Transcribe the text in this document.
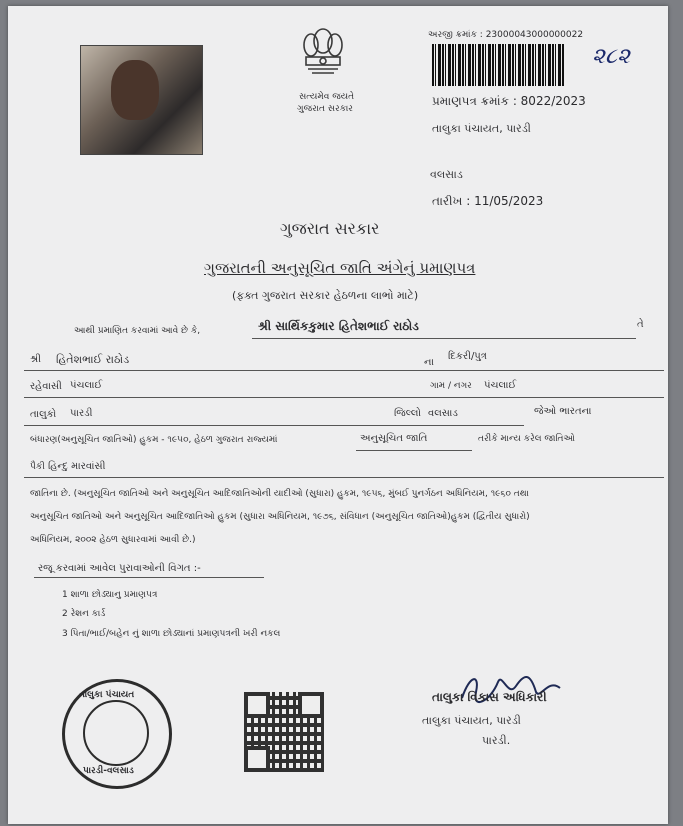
સત્યમેવ જયતે
ગુજરાત સરકાર
અરજી ક્રમાંક : 23000043000000022
૨૮૨
પ્રમાણપત્ર ક્રમાંક : 8022/2023
તાલુકા પંચાયત, પારડી
વલસાડ
તારીખ : 11/05/2023
ગુજરાત સરકાર
ગુજરાતની અનુસૂચિત જાતિ અંગેનું પ્રમાણપત્ર
(ફક્ત ગુજરાત સરકાર હેઠળના લાભો માટે)
આથી પ્રમાણિત કરવામાં આવે છે કે,	શ્રી સાર્થિકકુમાર હિતેશભાઈ રાઠોડ	તે
શ્રી હિતેશભાઈ રાઠોડ	ના
દિકરી/પુત્ર
રહેવાસી પંચલાઈ	ગામ / નગર પંચલાઈ
તાલુકો પારડી	જિલ્લો વલસાડ	જેઓ ભારતના
બંધારણ(અનુસૂચિત જાતિઓ) હુકમ - ૧૯૫૦, હેઠળ ગુજરાત રાજ્યમાં	અનુસૂચિત જાતિ	તરીકે માન્ય કરેલ જાતિઓ
પૈકી હિન્દુ મારવાંસી
જાતિના છે. (અનુસૂચિત જાતિઓ અને અનુસૂચિત આદિજાતિઓની યાદીઓ (સુધારા) હુકમ, ૧૯૫૬, મુંબઈ પુનર્ગઠન અધિનિયમ, ૧૯૬૦ તથા
અનુસૂચિત જાતિઓ અને અનુસૂચિત આદિજાતિઓ હુકમ (સુધારા અધિનિયમ, ૧૯૭૬, સંવિધાન (અનુસૂચિત જાતિઓ)હુકમ (દ્વિતીય સુધારો)
અધિનિયમ, ૨૦૦૨ હેઠળ સુધારવામાં આવી છે.)
રજૂ કરવામાં આવેલ પુરાવાઓની વિગત :-
1 શાળા છોડ્યાનુ પ્રમાણપત્ર
2 રેશન કાર્ડ
3 પિતા/ભાઈ/બહેન નું શાળા છોડ્યાનાં પ્રમાણપત્રની ખરી નકલ
તાલુકા પંચાયત
પારડી-વલસાડ
તાલુકા વિકાસ અધિકારી
તાલુકા પંચાયત, પારડી
પારડી.
